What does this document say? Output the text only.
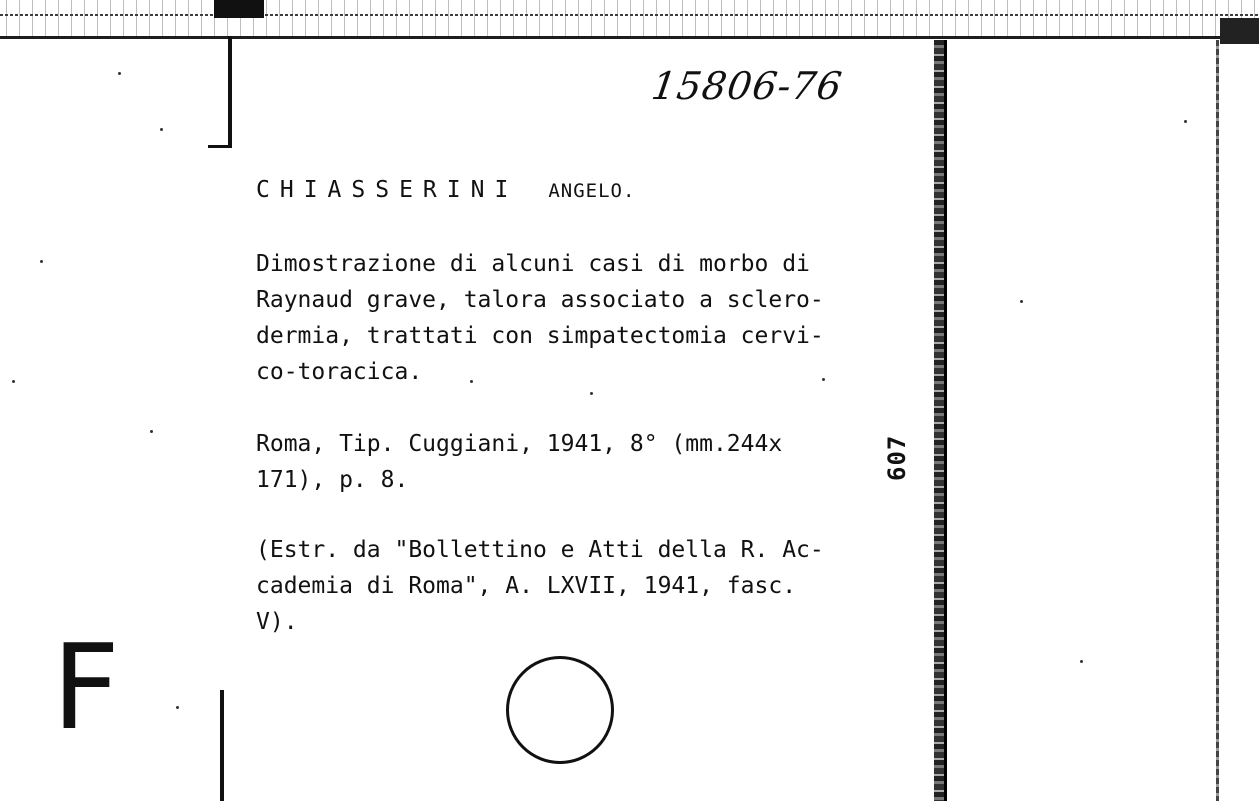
15806-76
CHIASSERINI ANGELO.

Dimostrazione di alcuni casi di morbo di

Raynaud grave, talora associato a sclero-

dermia, trattati con simpatectomia cervi-

co-toracica.

Roma, Tip. Cuggiani, 1941, 8° (mm.244x

171), p. 8.

(Estr. da "Bollettino e Atti della R. Ac-

cademia di Roma", A. LXVII, 1941, fasc.

V).

607
F
